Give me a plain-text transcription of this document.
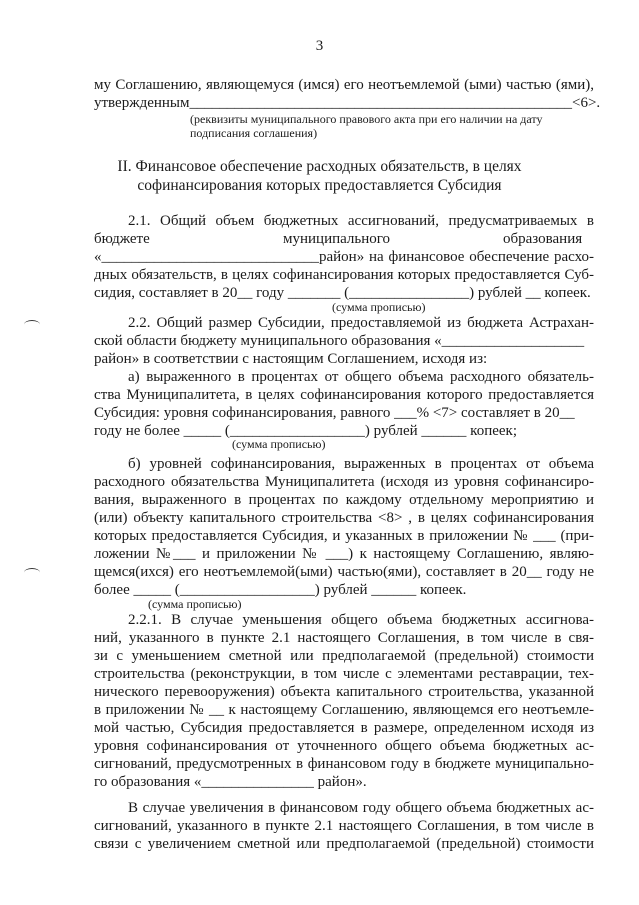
3
му Соглашению, являющемуся (имся) его неотъемлемой (ыми) частью (ями),
утвержденным___________________________________________________<6>.
(реквизиты муниципального правового акта при его наличии на дату
подписания соглашения)
II. Финансовое обеспечение расходных обязательств, в целях
софинансирования которых предоставляется Субсидия
2.1. Общий объем бюджетных ассигнований, предусматриваемых в
бюджете	муниципального	образования
«_____________________________район» на финансовое обеспечение расхо-
дных обязательств, в целях софинансирования которых предоставляется Суб-
сидия, составляет в 20__ году _______ (________________) рублей __ копеек.
(сумма прописью)
2.2. Общий размер Субсидии, предоставляемой из бюджета Астрахан-
ской области бюджету муниципального образования «___________________
район» в соответствии с настоящим Соглашением, исходя из:
а) выраженного в процентах от общего объема расходного обязатель-
ства Муниципалитета, в целях софинансирования которого предоставляется
Субсидия: уровня софинансирования, равного ___% <7> составляет в 20__
году не более _____ (__________________) рублей ______ копеек;
(сумма прописью)
б) уровней софинансирования, выраженных в процентах от объема
расходного обязательства Муниципалитета (исходя из уровня софинансиро-
вания, выраженного в процентах по каждому отдельному мероприятию и
(или) объекту капитального строительства <8> , в целях софинансирования
которых предоставляется Субсидия, и указанных в приложении № ___ (при-
ложении №___ и приложении № ___) к настоящему Соглашению, являю-
щемся(ихся) его неотъемлемой(ыми) частью(ями), составляет в 20__ году не
более _____ (__________________) рублей ______ копеек.
(сумма прописью)
2.2.1. В случае уменьшения общего объема бюджетных ассигнова-
ний, указанного в пункте 2.1 настоящего Соглашения, в том числе в свя-
зи с уменьшением сметной или предполагаемой (предельной) стоимости
строительства (реконструкции, в том числе с элементами реставрации, тех-
нического перевооружения) объекта капитального строительства, указанной
в приложении № __ к настоящему Соглашению, являющемся его неотъемле-
мой частью, Субсидия предоставляется в размере, определенном исходя из
уровня софинансирования от уточненного общего объема бюджетных ас-
сигнований, предусмотренных в финансовом году в бюджете муниципально-
го образования «_______________ район».
В случае увеличения в финансовом году общего объема бюджетных ас-
сигнований, указанного в пункте 2.1 настоящего Соглашения, в том числе в
связи с увеличением сметной или предполагаемой (предельной) стоимости
